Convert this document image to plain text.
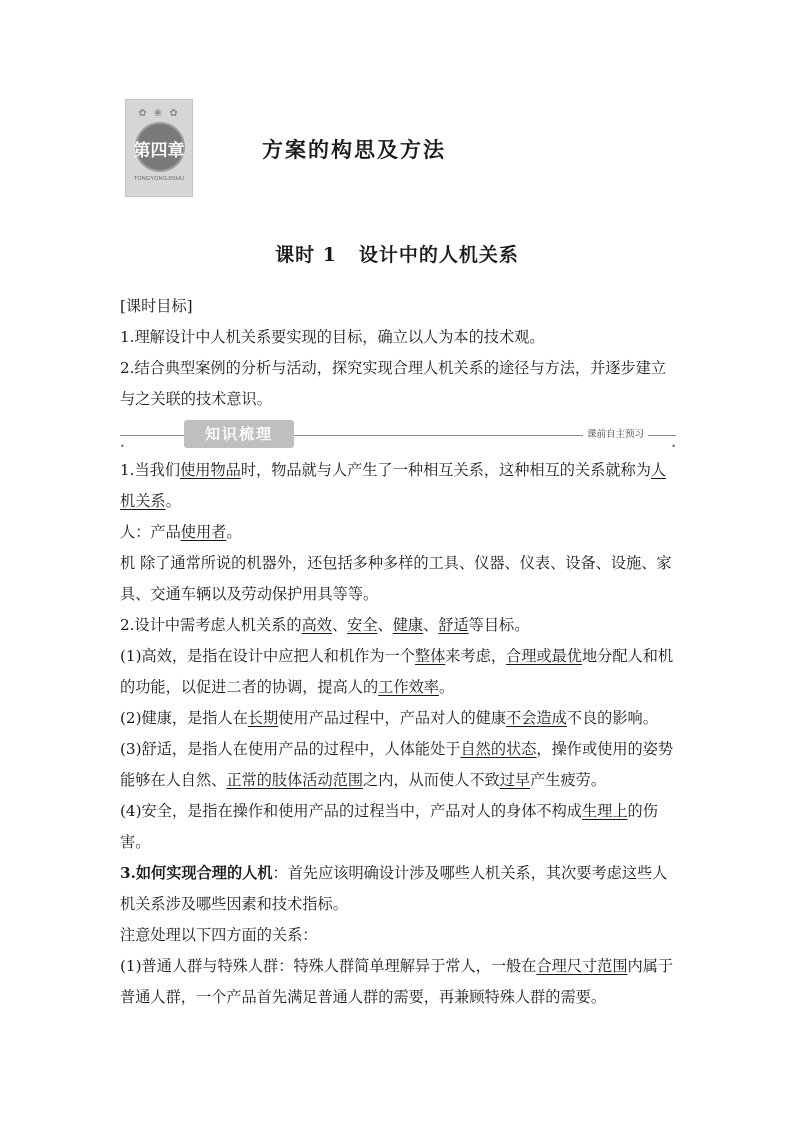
✿ ❀ ✿
第四章
TONGYONGJISHU
方案的构思及方法
课时 1 设计中的人机关系

[课时目标]

1.理解设计中人机关系要实现的目标，确立以人为本的技术观。

2.结合典型案例的分析与活动，探究实现合理人机关系的途径与方法，并逐步建立与之关联的技术意识。

•
知识梳理	课前自主预习
•

1.当我们使用物品时，物品就与人产生了一种相互关系，这种相互的关系就称为人机关系。

人：产品使用者。

机 除了通常所说的机器外，还包括多种多样的工具、仪器、仪表、设备、设施、家具、交通车辆以及劳动保护用具等等。

2.设计中需考虑人机关系的高效、安全、健康、舒适等目标。

(1)高效，是指在设计中应把人和机作为一个整体来考虑，合理或最优地分配人和机的功能，以促进二者的协调，提高人的工作效率。

(2)健康，是指人在长期使用产品过程中，产品对人的健康不会造成不良的影响。

(3)舒适，是指人在使用产品的过程中，人体能处于自然的状态，操作或使用的姿势能够在人自然、正常的肢体活动范围之内，从而使人不致过早产生疲劳。

(4)安全，是指在操作和使用产品的过程当中，产品对人的身体不构成生理上的伤害。

3.如何实现合理的人机：首先应该明确设计涉及哪些人机关系，其次要考虑这些人机关系涉及哪些因素和技术指标。

注意处理以下四方面的关系：

(1)普通人群与特殊人群：特殊人群简单理解异于常人，一般在合理尺寸范围内属于普通人群，一个产品首先满足普通人群的需要，再兼顾特殊人群的需要。
